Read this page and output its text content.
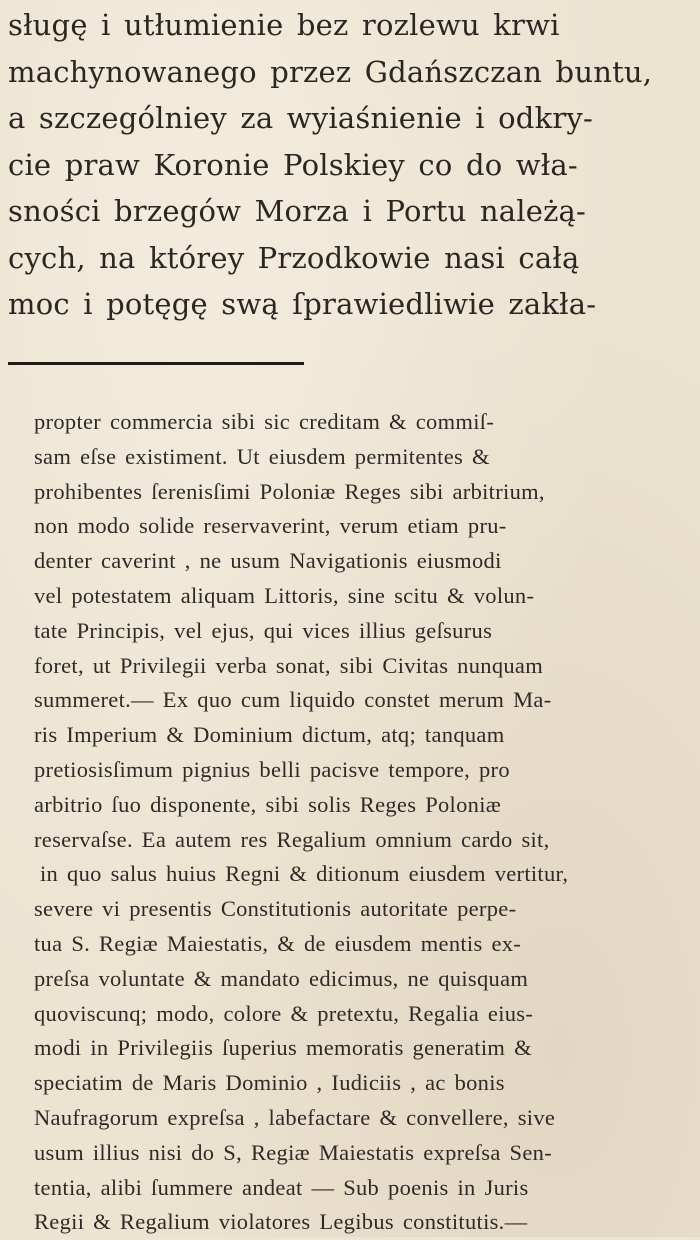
sługę i utłumienie bez rozlewu krwi
machynowanego przez Gdańszczan buntu,
a szczególniey za wyiaśnienie i odkry-
cie praw Koronie Polskiey co do wła-
sności brzegów Morza i Portu należą-
cych, na którey Przodkowie nasi całą
moc i potęgę swą ſprawiedliwie zakła-
propter commercia sibi sic creditam & commiſ-
sam eſse existiment. Ut eiusdem permitentes &
prohibentes ſerenisſimi Poloniæ Reges sibi arbitrium,
non modo solide reservaverint, verum etiam pru-
denter caverint , ne usum Navigationis eiusmodi
vel potestatem aliquam Littoris, sine scitu & volun-
tate Principis, vel ejus, qui vices illius geſsurus
foret, ut Privilegii verba sonat, sibi Civitas nunquam
summeret.— Ex quo cum liquido constet merum Ma-
ris Imperium & Dominium dictum, atq; tanquam
pretiosisſimum pignius belli pacisve tempore, pro
arbitrio ſuo disponente, sibi solis Reges Poloniæ
reservaſse. Ea autem res Regalium omnium cardo sit,
in quo salus huius Regni & ditionum eiusdem vertitur,
severe vi presentis Constitutionis autoritate perpe-
tua S. Regiæ Maiestatis, & de eiusdem mentis ex-
preſsa voluntate & mandato edicimus, ne quisquam
quoviscunq; modo, colore & pretextu, Regalia eius-
modi in Privilegiis ſuperius memoratis generatim &
speciatim de Maris Dominio , Iudiciis , ac bonis
Naufragorum expreſsa , labefactare & convellere, sive
usum illius nisi do S, Regiæ Maiestatis expreſsa Sen-
tentia, alibi ſummere andeat — Sub poenis in Juris
Regii & Regalium violatores Legibus constitutis.—
